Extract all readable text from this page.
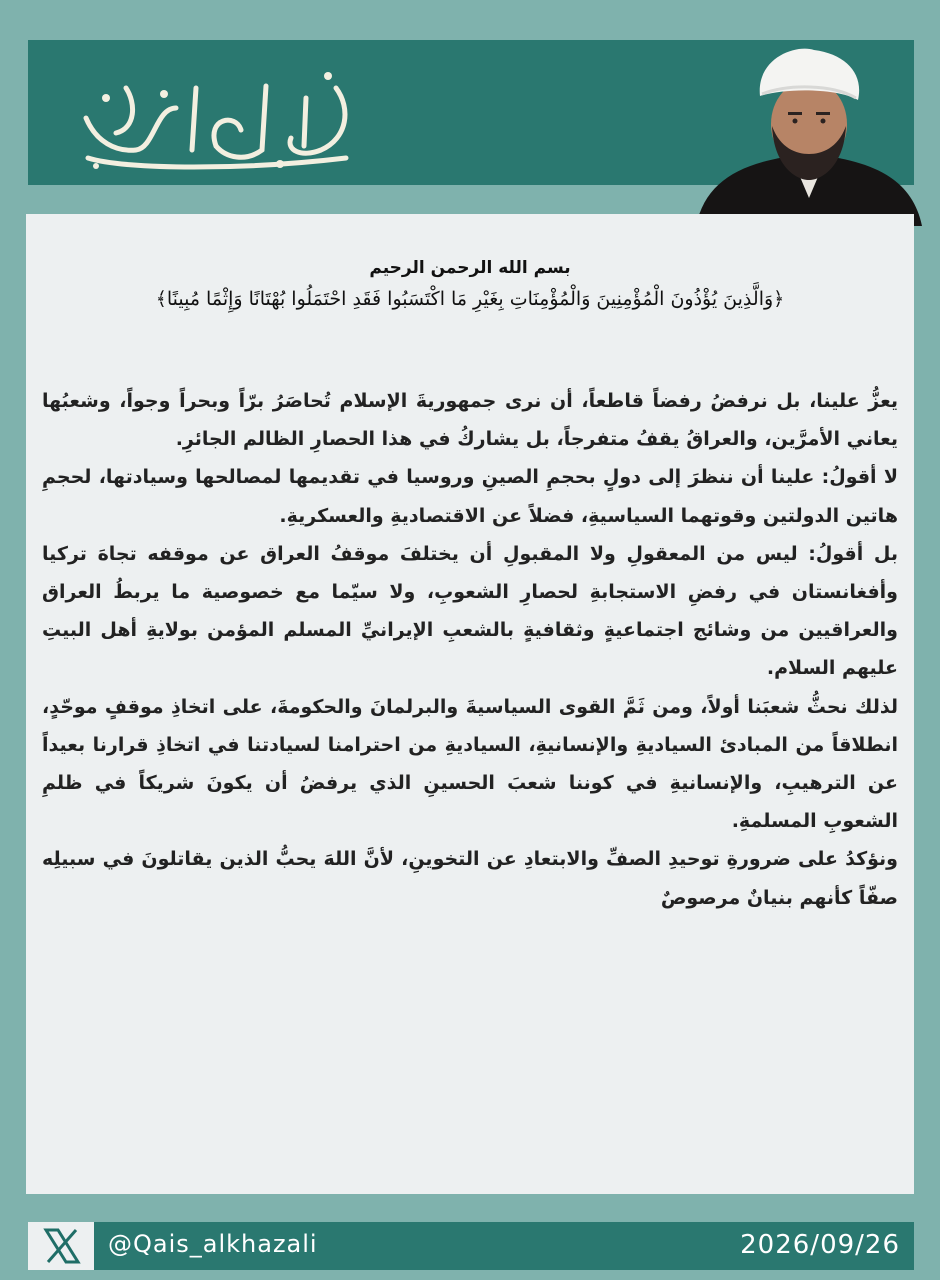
بسم الله الرحمن الرحيم
﴿وَالَّذِينَ يُؤْذُونَ الْمُؤْمِنِينَ وَالْمُؤْمِنَاتِ بِغَيْرِ مَا اكْتَسَبُوا فَقَدِ احْتَمَلُوا بُهْتَانًا وَإِثْمًا مُبِينًا﴾

يعزُّ علينا، بل نرفضُ رفضاً قاطعاً، أن نرى جمهوريةَ الإسلام تُحاصَرُ برّاً وبحراً وجواً، وشعبُها يعاني الأمرَّين، والعراقُ يقفُ متفرجاً، بل يشاركُ في هذا الحصارِ الظالم الجائرِ.

لا أقولُ: علينا أن ننظرَ إلى دولٍ بحجمِ الصينِ وروسيا في تقديمها لمصالحها وسيادتها، لحجمِ هاتين الدولتين وقوتهما السياسيةِ، فضلاً عن الاقتصاديةِ والعسكريةِ.

بل أقولُ: ليس من المعقولِ ولا المقبولِ أن يختلفَ موقفُ العراق عن موقفه تجاهَ تركيا وأفغانستان في رفضِ الاستجابةِ لحصارِ الشعوبِ، ولا سيّما مع خصوصية ما يربطُ العراق والعراقيين من وشائج اجتماعيةٍ وثقافيةٍ بالشعبِ الإيرانيِّ المسلم المؤمن بولايةِ أهل البيتِ عليهم السلام.

لذلك نحثُّ شعبَنا أولاً، ومن ثَمَّ القوى السياسيةَ والبرلمانَ والحكومةَ، على اتخاذِ موقفٍ موحّدٍ، انطلاقاً من المبادئ السياديةِ والإنسانيةِ، السياديةِ من احترامنا لسيادتنا في اتخاذِ قرارنا بعيداً عن الترهيبِ، والإنسانيةِ في كوننا شعبَ الحسينِ الذي يرفضُ أن يكونَ شريكاً في ظلمِ الشعوبِ المسلمةِ.

ونؤكدُ على ضرورةِ توحيدِ الصفِّ والابتعادِ عن التخوينِ، لأنَّ اللهَ يحبُّ الذين يقاتلونَ في سبيلِه صفّاً كأنهم بنيانٌ مرصوصٌ

@Qais_alkhazali	2026/09/26
